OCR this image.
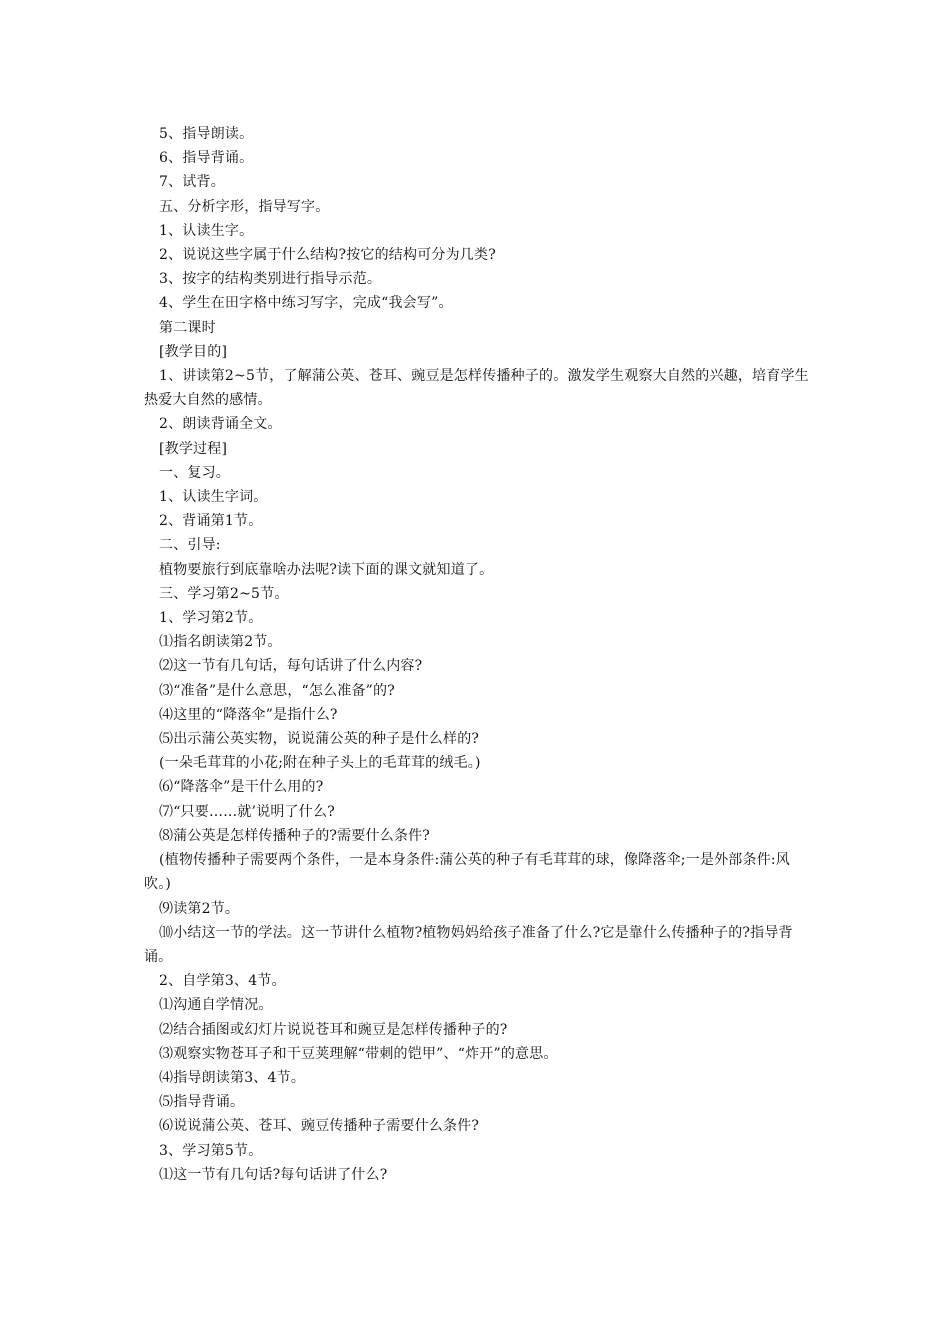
5、指导朗读。
6、指导背诵。
7、试背。
五、分析字形，指导写字。
1、认读生字。
2、说说这些字属于什么结构?按它的结构可分为几类?
3、按字的结构类别进行指导示范。
4、学生在田字格中练习写字，完成“我会写”。
第二课时
[教学目的]
1、讲读第2~5节，了解蒲公英、苍耳、豌豆是怎样传播种子的。激发学生观察大自然的兴趣，培育学生热爱大自然的感情。
2、朗读背诵全文。
[教学过程]
一、复习。
1、认读生字词。
2、背诵第1节。
二、引导:
植物要旅行到底靠啥办法呢?读下面的课文就知道了。
三、学习第2~5节。
1、学习第2节。
⑴指名朗读第2节。
⑵这一节有几句话，每句话讲了什么内容?
⑶“准备”是什么意思，“怎么准备”的?
⑷这里的“降落伞”是指什么?
⑸出示蒲公英实物，说说蒲公英的种子是什么样的?
(一朵毛茸茸的小花;附在种子头上的毛茸茸的绒毛。)
⑹“降落伞”是干什么用的?
⑺“只要……就’说明了什么?
⑻蒲公英是怎样传播种子的?需要什么条件?
(植物传播种子需要两个条件，一是本身条件:蒲公英的种子有毛茸茸的球，像降落伞;一是外部条件:风吹。)
⑼读第2节。
⑽小结这一节的学法。这一节讲什么植物?植物妈妈给孩子准备了什么?它是靠什么传播种子的?指导背诵。
2、自学第3、4节。
⑴沟通自学情况。
⑵结合插图或幻灯片说说苍耳和豌豆是怎样传播种子的?
⑶观察实物苍耳子和干豆荚理解“带刺的铠甲”、“炸开”的意思。
⑷指导朗读第3、4节。
⑸指导背诵。
⑹说说蒲公英、苍耳、豌豆传播种子需要什么条件?
3、学习第5节。
⑴这一节有几句话?每句话讲了什么?
